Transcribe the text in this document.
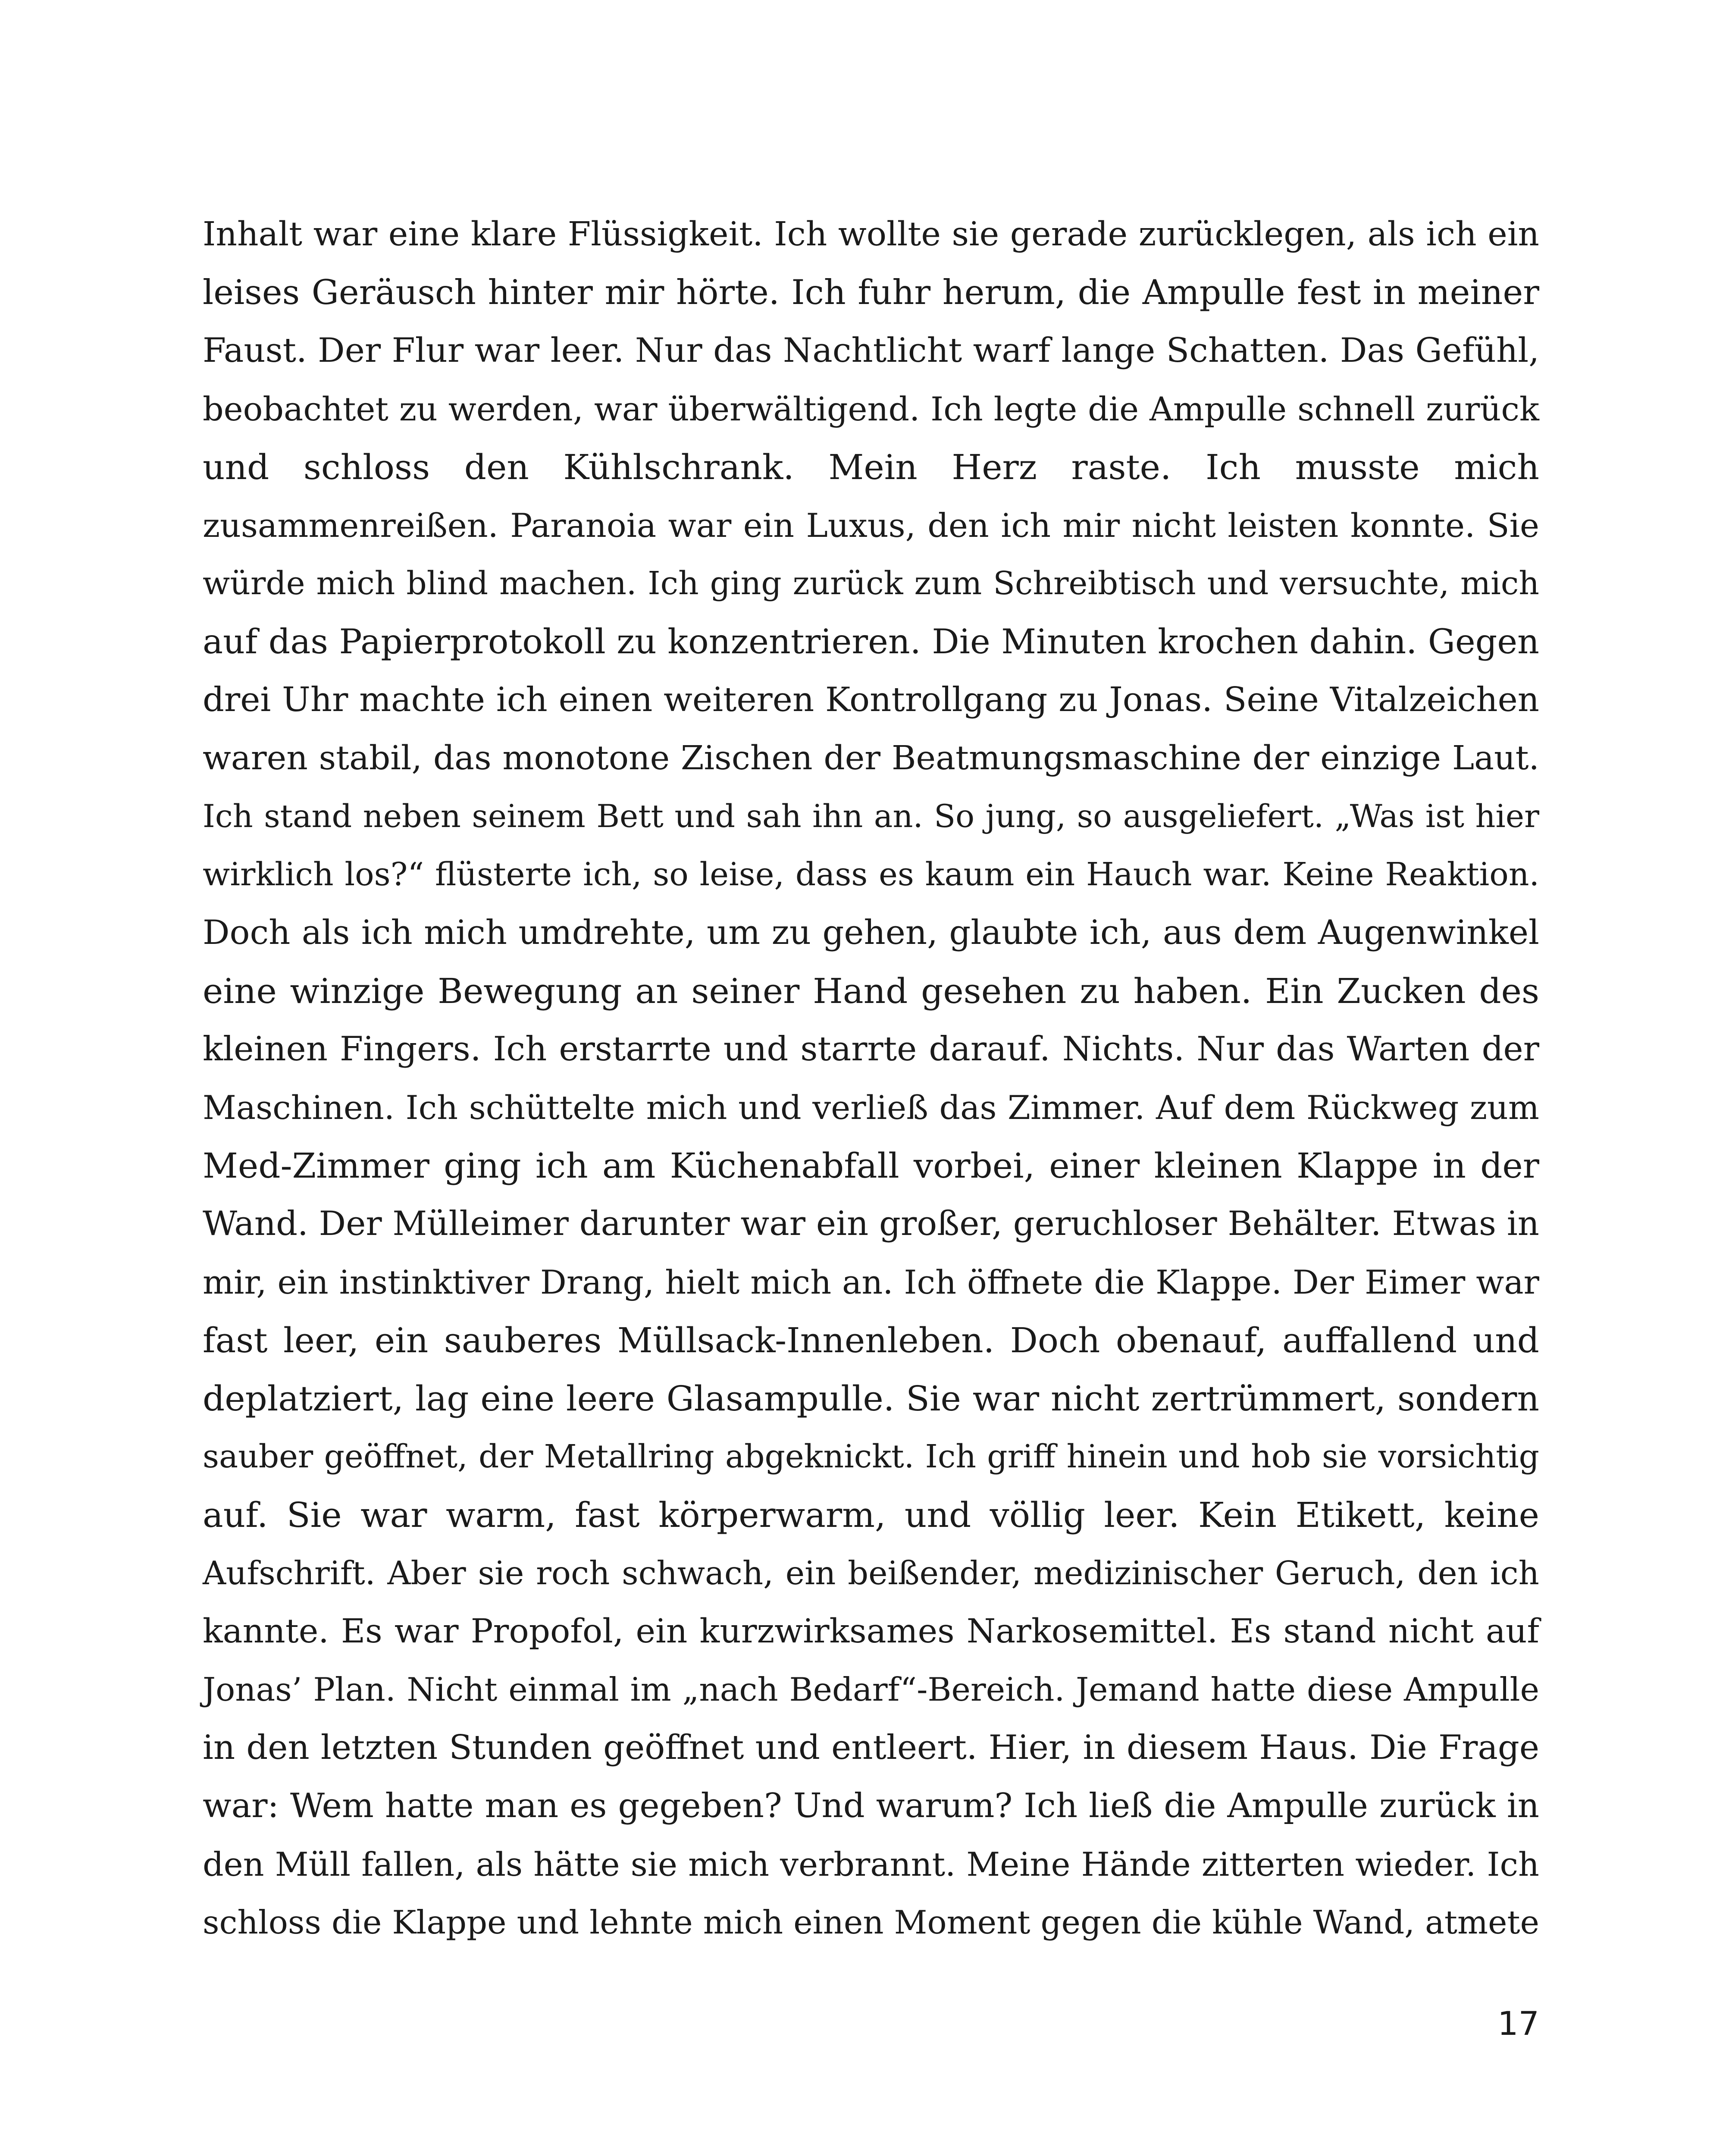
Inhalt war eine klare Flüssigkeit. Ich wollte sie gerade zurücklegen, als ich ein
leises Geräusch hinter mir hörte. Ich fuhr herum, die Ampulle fest in meiner
Faust. Der Flur war leer. Nur das Nachtlicht warf lange Schatten. Das Gefühl,
beobachtet zu werden, war überwältigend. Ich legte die Ampulle schnell zurück
und schloss den Kühlschrank. Mein Herz raste. Ich musste mich
zusammenreißen. Paranoia war ein Luxus, den ich mir nicht leisten konnte. Sie
würde mich blind machen. Ich ging zurück zum Schreibtisch und versuchte, mich
auf das Papierprotokoll zu konzentrieren. Die Minuten krochen dahin. Gegen
drei Uhr machte ich einen weiteren Kontrollgang zu Jonas. Seine Vitalzeichen
waren stabil, das monotone Zischen der Beatmungsmaschine der einzige Laut.
Ich stand neben seinem Bett und sah ihn an. So jung, so ausgeliefert. „Was ist hier
wirklich los?“ flüsterte ich, so leise, dass es kaum ein Hauch war. Keine Reaktion.
Doch als ich mich umdrehte, um zu gehen, glaubte ich, aus dem Augenwinkel
eine winzige Bewegung an seiner Hand gesehen zu haben. Ein Zucken des
kleinen Fingers. Ich erstarrte und starrte darauf. Nichts. Nur das Warten der
Maschinen. Ich schüttelte mich und verließ das Zimmer. Auf dem Rückweg zum
Med-Zimmer ging ich am Küchenabfall vorbei, einer kleinen Klappe in der
Wand. Der Mülleimer darunter war ein großer, geruchloser Behälter. Etwas in
mir, ein instinktiver Drang, hielt mich an. Ich öffnete die Klappe. Der Eimer war
fast leer, ein sauberes Müllsack-Innenleben. Doch obenauf, auffallend und
deplatziert, lag eine leere Glasampulle. Sie war nicht zertrümmert, sondern
sauber geöffnet, der Metallring abgeknickt. Ich griff hinein und hob sie vorsichtig
auf. Sie war warm, fast körperwarm, und völlig leer. Kein Etikett, keine
Aufschrift. Aber sie roch schwach, ein beißender, medizinischer Geruch, den ich
kannte. Es war Propofol, ein kurzwirksames Narkosemittel. Es stand nicht auf
Jonas’ Plan. Nicht einmal im „nach Bedarf“-Bereich. Jemand hatte diese Ampulle
in den letzten Stunden geöffnet und entleert. Hier, in diesem Haus. Die Frage
war: Wem hatte man es gegeben? Und warum? Ich ließ die Ampulle zurück in
den Müll fallen, als hätte sie mich verbrannt. Meine Hände zitterten wieder. Ich
schloss die Klappe und lehnte mich einen Moment gegen die kühle Wand, atmete
17
